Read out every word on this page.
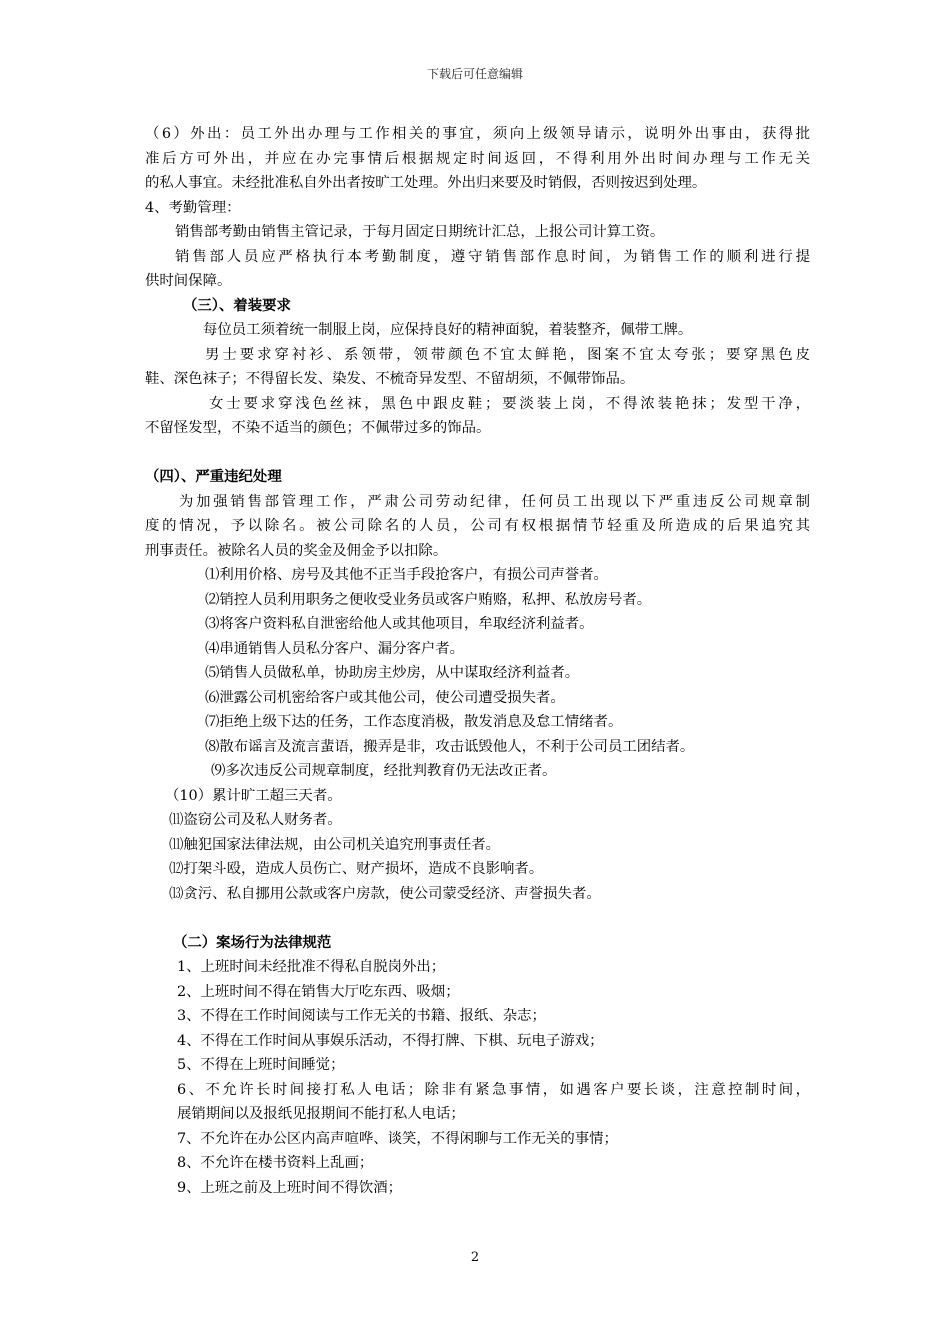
下载后可任意编辑
（6）外出：员工外出办理与工作相关的事宜，须向上级领导请示，说明外出事由，获得批
准后方可外出，并应在办完事情后根据规定时间返回，不得利用外出时间办理与工作无关
的私人事宜。未经批准私自外出者按旷工处理。外出归来要及时销假，否则按迟到处理。
4、考勤管理：
销售部考勤由销售主管记录，于每月固定日期统计汇总，上报公司计算工资。
销售部人员应严格执行本考勤制度，遵守销售部作息时间，为销售工作的顺利进行提
供时间保障。
（三）、着装要求
每位员工须着统一制服上岗，应保持良好的精神面貌，着装整齐，佩带工牌。
男士要求穿衬衫、系领带，领带颜色不宜太鲜艳，图案不宜太夸张；要穿黑色皮
鞋、深色袜子；不得留长发、染发、不梳奇异发型、不留胡须，不佩带饰品。
女士要求穿浅色丝袜，黑色中跟皮鞋；要淡装上岗，不得浓装艳抹；发型干净，
不留怪发型，不染不适当的颜色；不佩带过多的饰品。
（四）、严重违纪处理
为加强销售部管理工作，严肃公司劳动纪律，任何员工出现以下严重违反公司规章制
度的情况，予以除名。被公司除名的人员，公司有权根据情节轻重及所造成的后果追究其
刑事责任。被除名人员的奖金及佣金予以扣除。
⑴利用价格、房号及其他不正当手段抢客户，有损公司声誉者。
⑵销控人员利用职务之便收受业务员或客户贿赂，私押、私放房号者。
⑶将客户资料私自泄密给他人或其他项目，牟取经济利益者。
⑷串通销售人员私分客户、漏分客户者。
⑸销售人员做私单，协助房主炒房，从中谋取经济利益者。
⑹泄露公司机密给客户或其他公司，使公司遭受损失者。
⑺拒绝上级下达的任务，工作态度消极，散发消息及怠工情绪者。
⑻散布谣言及流言蜚语，搬弄是非，攻击诋毁他人，不利于公司员工团结者。
⑼多次违反公司规章制度，经批判教育仍无法改正者。
（10）累计旷工超三天者。
⑾盗窃公司及私人财务者。
⑾触犯国家法律法规，由公司机关追究刑事责任者。
⑿打架斗殴，造成人员伤亡、财产损坏，造成不良影响者。
⒀贪污、私自挪用公款或客户房款，使公司蒙受经济、声誉损失者。
（二）案场行为法律规范
1、上班时间未经批准不得私自脱岗外出；
2、上班时间不得在销售大厅吃东西、吸烟；
3、不得在工作时间阅读与工作无关的书籍、报纸、杂志；
4、不得在工作时间从事娱乐活动，不得打牌、下棋、玩电子游戏；
5、不得在上班时间睡觉；
6、不允许长时间接打私人电话；除非有紧急事情，如遇客户要长谈，注意控制时间，
展销期间以及报纸见报期间不能打私人电话；
7、不允许在办公区内高声喧哗、谈笑，不得闲聊与工作无关的事情；
8、不允许在楼书资料上乱画；
9、上班之前及上班时间不得饮酒；
2
